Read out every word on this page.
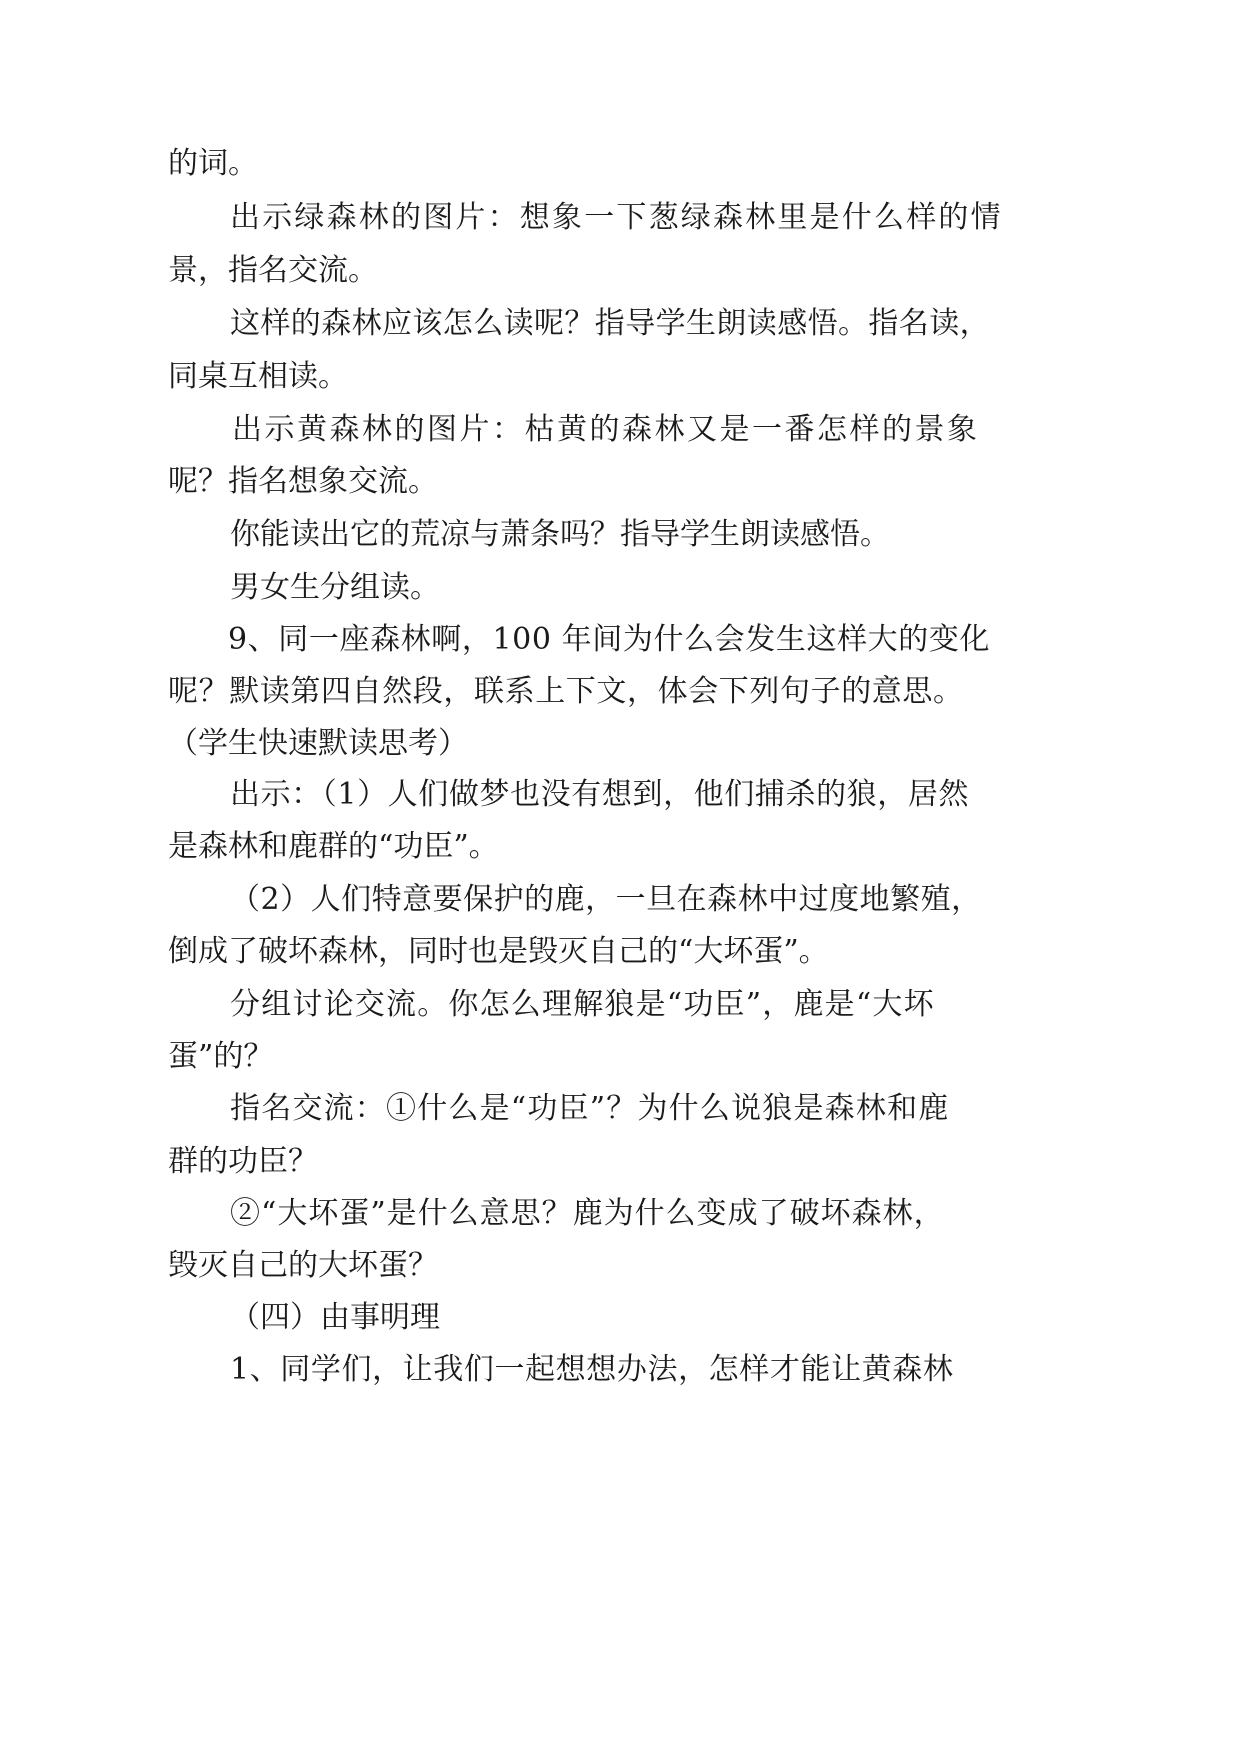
的词。
出示绿森林的图片：想象一下葱绿森林里是什么样的情
景，指名交流。
这样的森林应该怎么读呢？指导学生朗读感悟。指名读，
同桌互相读。
出示黄森林的图片：枯黄的森林又是一番怎样的景象
呢？指名想象交流。
你能读出它的荒凉与萧条吗？指导学生朗读感悟。
男女生分组读。
9、同一座森林啊，100 年间为什么会发生这样大的变化
呢？默读第四自然段，联系上下文，体会下列句子的意思。
（学生快速默读思考）
出示：（1）人们做梦也没有想到，他们捕杀的狼，居然
是森林和鹿群的“功臣”。
（2）人们特意要保护的鹿，一旦在森林中过度地繁殖，
倒成了破坏森林，同时也是毁灭自己的“大坏蛋”。
分组讨论交流。你怎么理解狼是“功臣”，鹿是“大坏
蛋”的？
指名交流：①什么是“功臣”？为什么说狼是森林和鹿
群的功臣？
②“大坏蛋”是什么意思？鹿为什么变成了破坏森林，
毁灭自己的大坏蛋？
（四）由事明理
1、同学们，让我们一起想想办法，怎样才能让黄森林
